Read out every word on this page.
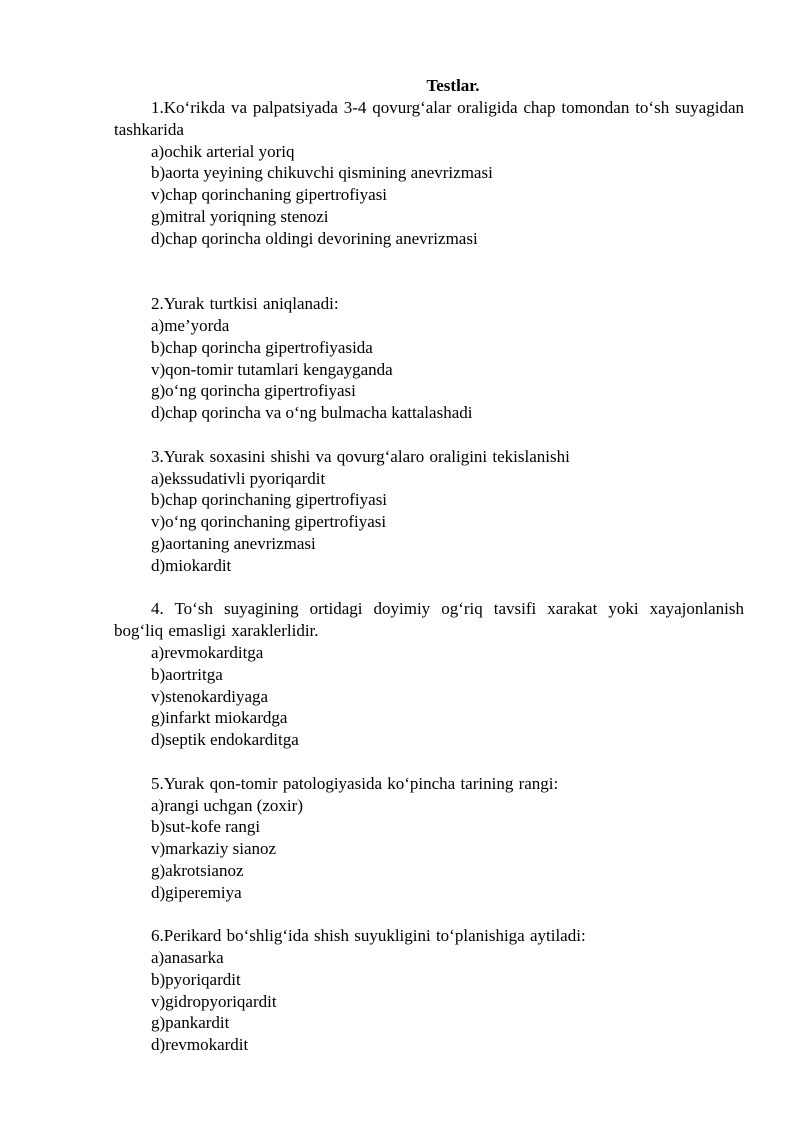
Testlar.

1.Ko‘rikda va palpatsiyada 3-4 qovurg‘alar oraligida chap tomondan to‘sh suyagidan tashkarida

a)ochik arterial yoriq

b)aorta yeyining chikuvchi qismining anevrizmasi

v)chap qorinchaning gipertrofiyasi

g)mitral yoriqning stenozi

d)chap qorincha oldingi devorining anevrizmasi

2.Yurak turtkisi aniqlanadi:

a)me’yorda

b)chap qorincha gipertrofiyasida

v)qon-tomir tutamlari kengayganda

g)o‘ng qorincha gipertrofiyasi

d)chap qorincha va o‘ng bulmacha kattalashadi

3.Yurak soxasini shishi va qovurg‘alaro oraligini tekislanishi

a)ekssudativli pyoriqardit

b)chap qorinchaning gipertrofiyasi

v)o‘ng qorinchaning gipertrofiyasi

g)aortaning anevrizmasi

d)miokardit

4. To‘sh suyagining ortidagi doyimiy og‘riq tavsifi xarakat yoki xayajonlanish bog‘liq emasligi xaraklerlidir.

a)revmokarditga

b)aortritga

v)stenokardiyaga

g)infarkt miokardga

d)septik endokarditga

5.Yurak qon-tomir patologiyasida ko‘pincha tarining rangi:

a)rangi uchgan (zoxir)

b)sut-kofe rangi

v)markaziy sianoz

g)akrotsianoz

d)giperemiya

6.Perikard bo‘shlig‘ida shish suyukligini to‘planishiga aytiladi:

a)anasarka

b)pyoriqardit

v)gidropyoriqardit

g)pankardit

d)revmokardit
